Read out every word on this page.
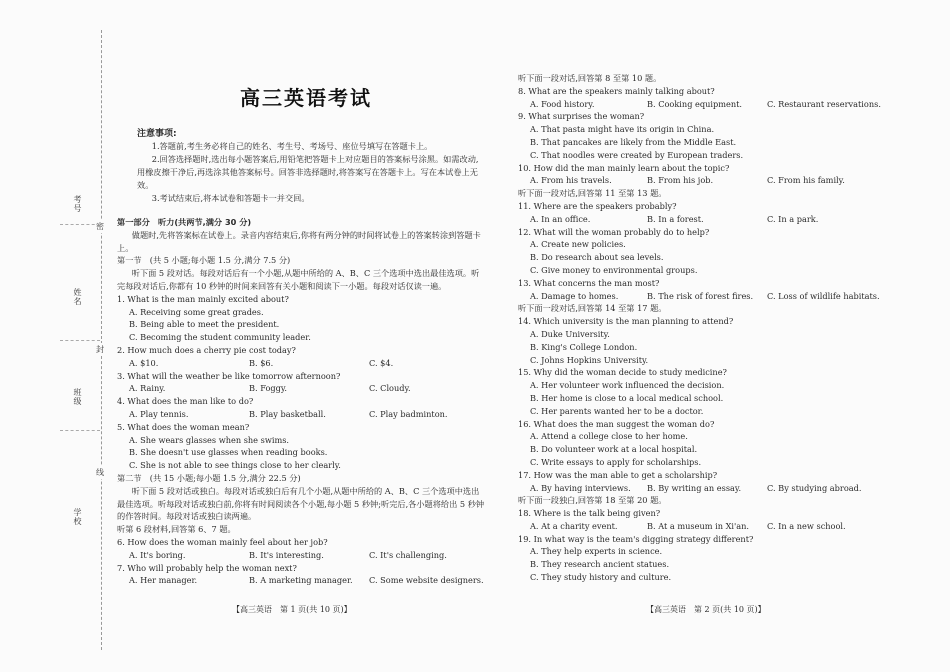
考号
姓名
班级
学校
密
封
线
高三英语考试
注意事项:
1.答题前,考生务必将自己的姓名、考生号、考场号、座位号填写在答题卡上。
2.回答选择题时,选出每小题答案后,用铅笔把答题卡上对应题目的答案标号涂黑。如需改动,用橡皮擦干净后,再选涂其他答案标号。回答非选择题时,将答案写在答题卡上。写在本试卷上无效。
3.考试结束后,将本试卷和答题卡一并交回。
第一部分　听力(共两节,满分 30 分)
做题时,先将答案标在试卷上。录音内容结束后,你将有两分钟的时间将试卷上的答案转涂到答题卡上。
第一节　(共 5 小题;每小题 1.5 分,满分 7.5 分)
听下面 5 段对话。每段对话后有一个小题,从题中所给的 A、B、C 三个选项中选出最佳选项。听完每段对话后,你都有 10 秒钟的时间来回答有关小题和阅读下一小题。每段对话仅读一遍。
1. What is the man mainly excited about?
A. Receiving some great grades.
B. Being able to meet the president.
C. Becoming the student community leader.
2. How much does a cherry pie cost today?
A. $10.	B. $6.	C. $4.
3. What will the weather be like tomorrow afternoon?
A. Rainy.	B. Foggy.	C. Cloudy.
4. What does the man like to do?
A. Play tennis.	B. Play basketball.	C. Play badminton.
5. What does the woman mean?
A. She wears glasses when she swims.
B. She doesn't use glasses when reading books.
C. She is not able to see things close to her clearly.
第二节　(共 15 小题;每小题 1.5 分,满分 22.5 分)
听下面 5 段对话或独白。每段对话或独白后有几个小题,从题中所给的 A、B、C 三个选项中选出最佳选项。听每段对话或独白前,你将有时间阅读各个小题,每小题 5 秒钟;听完后,各小题将给出 5 秒钟的作答时间。每段对话或独白读两遍。
听第 6 段材料,回答第 6、7 题。
6. How does the woman mainly feel about her job?
A. It's boring.	B. It's interesting.	C. It's challenging.
7. Who will probably help the woman next?
A. Her manager.	B. A marketing manager.	C. Some website designers.
听下面一段对话,回答第 8 至第 10 题。
8. What are the speakers mainly talking about?
A. Food history.	B. Cooking equipment.	C. Restaurant reservations.
9. What surprises the woman?
A. That pasta might have its origin in China.
B. That pancakes are likely from the Middle East.
C. That noodles were created by European traders.
10. How did the man mainly learn about the topic?
A. From his travels.	B. From his job.	C. From his family.
听下面一段对话,回答第 11 至第 13 题。
11. Where are the speakers probably?
A. In an office.	B. In a forest.	C. In a park.
12. What will the woman probably do to help?
A. Create new policies.
B. Do research about sea levels.
C. Give money to environmental groups.
13. What concerns the man most?
A. Damage to homes.	B. The risk of forest fires.	C. Loss of wildlife habitats.
听下面一段对话,回答第 14 至第 17 题。
14. Which university is the man planning to attend?
A. Duke University.
B. King's College London.
C. Johns Hopkins University.
15. Why did the woman decide to study medicine?
A. Her volunteer work influenced the decision.
B. Her home is close to a local medical school.
C. Her parents wanted her to be a doctor.
16. What does the man suggest the woman do?
A. Attend a college close to her home.
B. Do volunteer work at a local hospital.
C. Write essays to apply for scholarships.
17. How was the man able to get a scholarship?
A. By having interviews.	B. By writing an essay.	C. By studying abroad.
听下面一段独白,回答第 18 至第 20 题。
18. Where is the talk being given?
A. At a charity event.	B. At a museum in Xi'an.	C. In a new school.
19. In what way is the team's digging strategy different?
A. They help experts in science.
B. They research ancient statues.
C. They study history and culture.
【高三英语　第 1 页(共 10 页)】	【高三英语　第 2 页(共 10 页)】
